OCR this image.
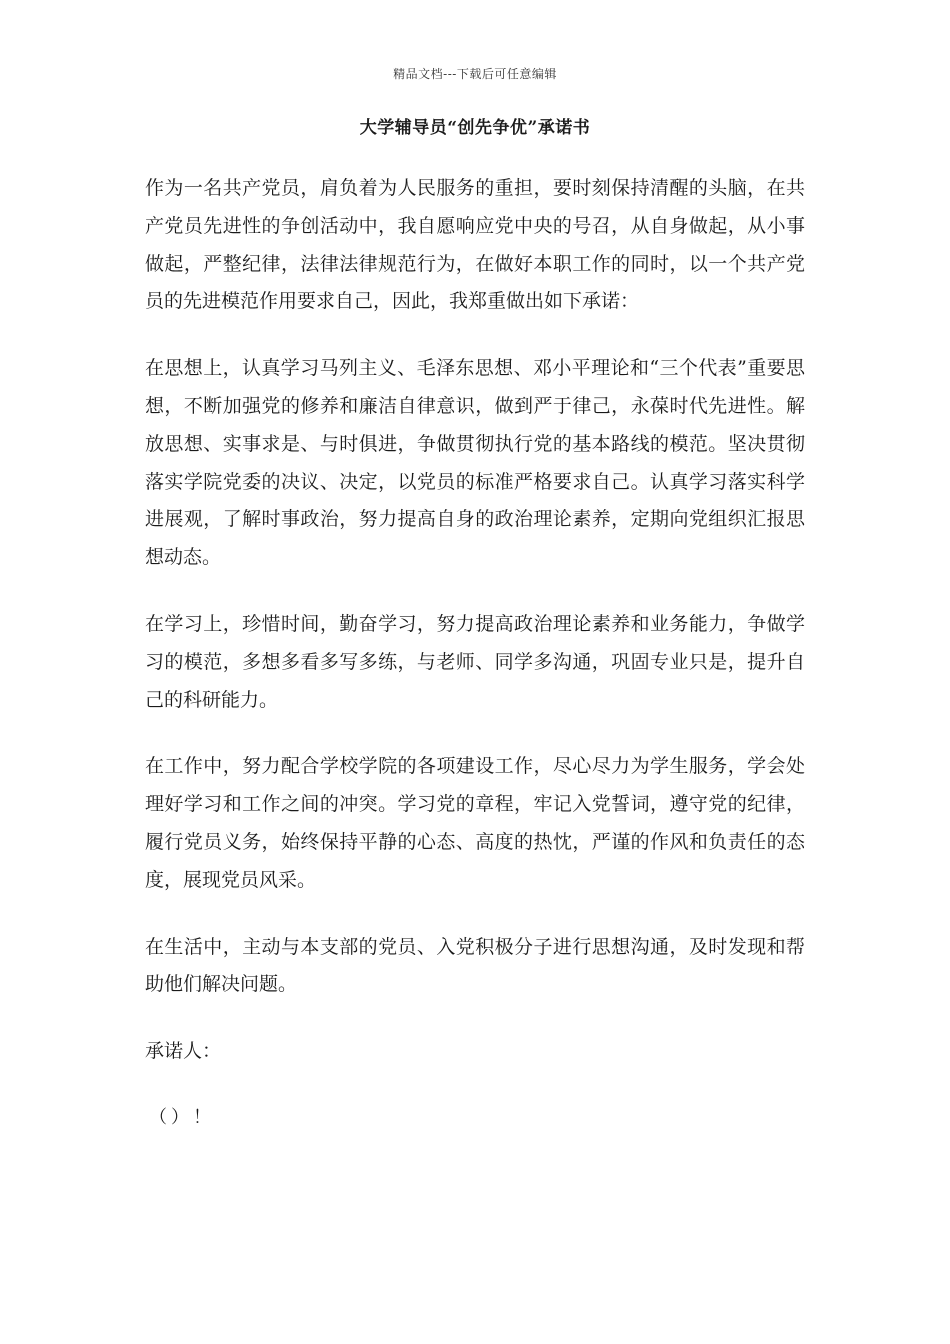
精品文档---下载后可任意编辑
大学辅导员“创先争优”承诺书

作为一名共产党员，肩负着为人民服务的重担，要时刻保持清醒的头脑，在共产党员先进性的争创活动中，我自愿响应党中央的号召，从自身做起，从小事做起，严整纪律，法律法律规范行为，在做好本职工作的同时，以一个共产党员的先进模范作用要求自己，因此，我郑重做出如下承诺：

在思想上，认真学习马列主义、毛泽东思想、邓小平理论和“三个代表”重要思想，不断加强党的修养和廉洁自律意识，做到严于律己，永葆时代先进性。解放思想、实事求是、与时俱进，争做贯彻执行党的基本路线的模范。坚决贯彻落实学院党委的决议、决定，以党员的标准严格要求自己。认真学习落实科学进展观，了解时事政治，努力提高自身的政治理论素养，定期向党组织汇报思想动态。

在学习上，珍惜时间，勤奋学习，努力提高政治理论素养和业务能力，争做学习的模范，多想多看多写多练，与老师、同学多沟通，巩固专业只是，提升自己的科研能力。

在工作中，努力配合学校学院的各项建设工作，尽心尽力为学生服务，学会处理好学习和工作之间的冲突。学习党的章程，牢记入党誓词，遵守党的纪律，履行党员义务，始终保持平静的心态、高度的热忱，严谨的作风和负责任的态度，展现党员风采。

在生活中，主动与本支部的党员、入党积极分子进行思想沟通，及时发现和帮助他们解决问题。

承诺人：

（）！
